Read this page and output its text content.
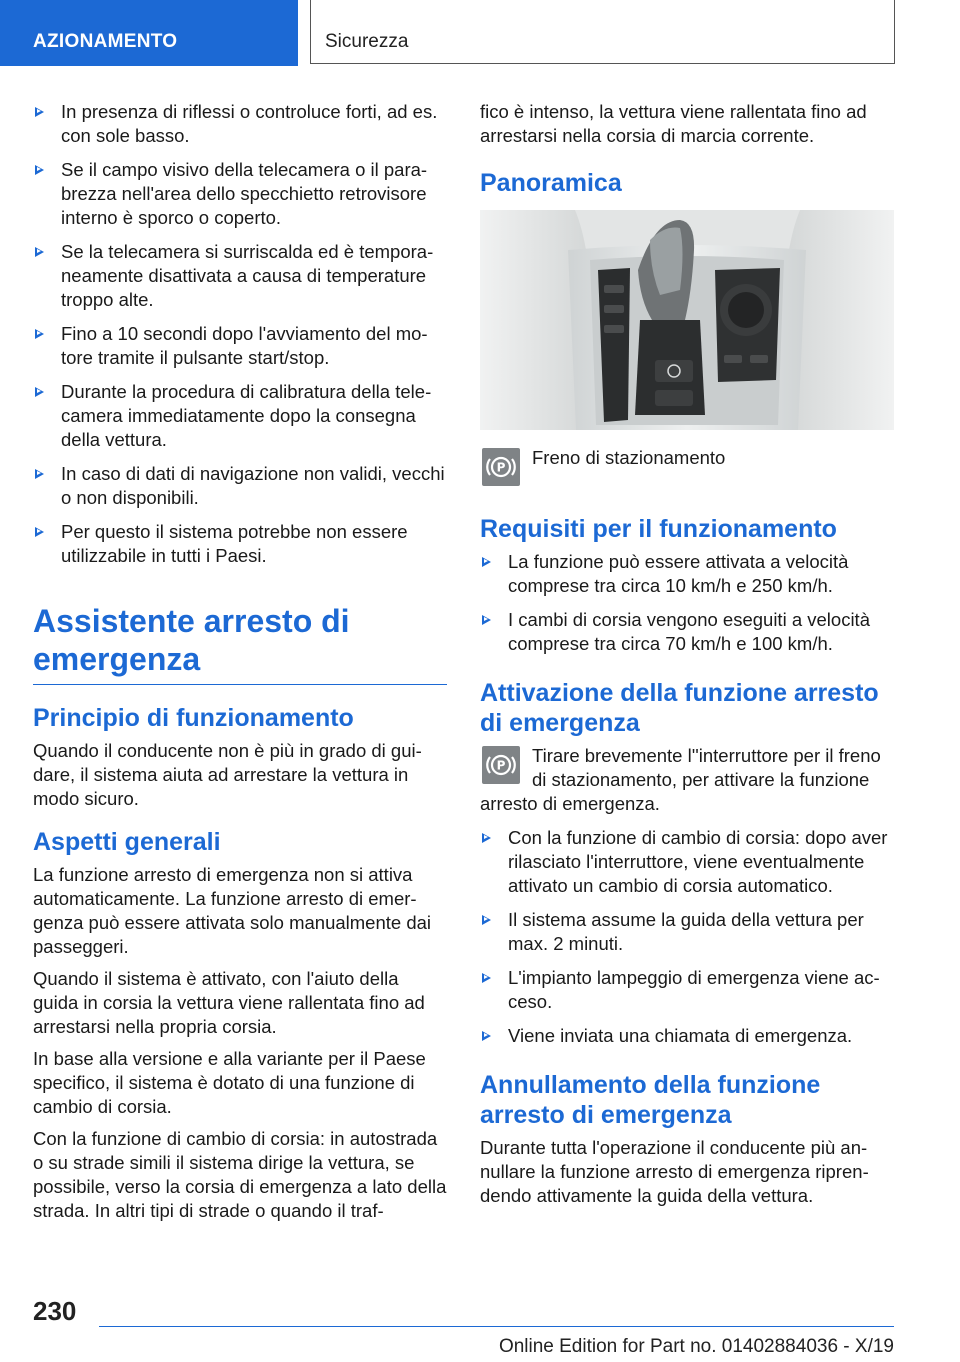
AZIONAMENTO	Sicurezza
In presenza di riflessi o controluce forti, ad es. con sole basso.
Se il campo visivo della telecamera o il parabrezza nell'area dello specchietto retrovisore interno è sporco o coperto.
Se la telecamera si surriscalda ed è temporaneamente disattivata a causa di temperature troppo alte.
Fino a 10 secondi dopo l'avviamento del motore tramite il pulsante start/stop.
Durante la procedura di calibratura della telecamera immediatamente dopo la consegna della vettura.
In caso di dati di navigazione non validi, vecchi o non disponibili.
Per questo il sistema potrebbe non essere utilizzabile in tutti i Paesi.
Assistente arresto di emergenza
Principio di funzionamento

Quando il conducente non è più in grado di guidare, il sistema aiuta ad arrestare la vettura in modo sicuro.

Aspetti generali

La funzione arresto di emergenza non si attiva automaticamente. La funzione arresto di emergenza può essere attivata solo manualmente dai passeggeri.

Quando il sistema è attivato, con l'aiuto della guida in corsia la vettura viene rallentata fino ad arrestarsi nella propria corsia.

In base alla versione e alla variante per il Paese specifico, il sistema è dotato di una funzione di cambio di corsia.

Con la funzione di cambio di corsia: in autostrada o su strade simili il sistema dirige la vettura, se possibile, verso la corsia di emergenza a lato della strada. In altri tipi di strade o quando il traf-

fico è intenso, la vettura viene rallentata fino ad arrestarsi nella corsia di marcia corrente.

Panoramica
P	Freno di stazionamento
Requisiti per il funzionamento
La funzione può essere attivata a velocità comprese tra circa 10 km/h e 250 km/h.
I cambi di corsia vengono eseguiti a velocità comprese tra circa 70 km/h e 100 km/h.
Attivazione della funzione arresto di emergenza
P	Tirare brevemente l''interruttore per il freno di stazionamento, per attivare la funzione arresto di emergenza.

Con la funzione di cambio di corsia: dopo aver rilasciato l'interruttore, viene eventualmente attivato un cambio di corsia automatico.
Il sistema assume la guida della vettura per max. 2 minuti.
L'impianto lampeggio di emergenza viene acceso.
Viene inviata una chiamata di emergenza.
Annullamento della funzione arresto di emergenza

Durante tutta l'operazione il conducente più annullare la funzione arresto di emergenza riprendendo attivamente la guida della vettura.

230
Online Edition for Part no. 01402884036 - X/19
